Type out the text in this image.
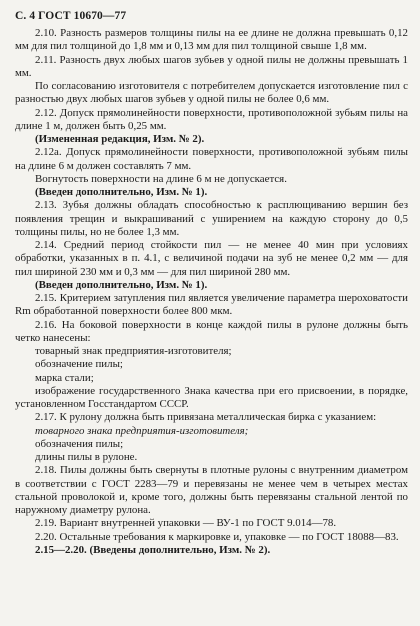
С. 4 ГОСТ 10670—77

2.10. Разность размеров толщины пилы на ее длине не должна превышать 0,12 мм для пил толщиной до 1,8 мм и 0,13 мм для пил толщиной свыше 1,8 мм.

2.11. Разность двух любых шагов зубьев у одной пилы не должны превышать 1 мм.

По согласованию изготовителя с потребителем допускается изготовление пил с разностью двух любых шагов зубьев у одной пилы не более 0,6 мм.

2.12. Допуск прямолинейности поверхности, противоположной зубьям пилы на длине 1 м, должен быть 0,25 мм.

(Измененная редакция, Изм. № 2).

2.12а. Допуск прямолинейности поверхности, противоположной зубьям пилы на длине 6 м должен составлять 7 мм.

Вогнутость поверхности на длине 6 м не допускается.

(Введен дополнительно, Изм. № 1).

2.13. Зубья должны обладать способностью к расплющиванию вершин без появления трещин и выкрашиваний с уширением на каждую сторону до 0,5 толщины пилы, но не более 1,3 мм.

2.14. Средний период стойкости пил — не менее 40 мин при условиях обработки, указанных в п. 4.1, с величиной подачи на зуб не менее 0,2 мм — для пил шириной 230 мм и 0,3 мм — для пил шириной 280 мм.

(Введен дополнительно, Изм. № 1).

2.15. Критерием затупления пил является увеличение параметра шероховатости Rm обработанной поверхности более 800 мкм.

2.16. На боковой поверхности в конце каждой пилы в рулоне должны быть четко нанесены:

товарный знак предприятия-изготовителя;

обозначение пилы;

марка стали;

изображение государственного Знака качества при его присвоении, в порядке, установленном Госстандартом СССР.

2.17. К рулону должна быть привязана металлическая бирка с указанием:

товарного знака предприятия-изготовителя;

обозначения пилы;

длины пилы в рулоне.

2.18. Пилы должны быть свернуты в плотные рулоны с внутренним диаметром в соответствии с ГОСТ 2283—79 и перевязаны не менее чем в четырех местах стальной проволокой и, кроме того, должны быть перевязаны стальной лентой по наружному диаметру рулона.

2.19. Вариант внутренней упаковки — ВУ-1 по ГОСТ 9.014—78.

2.20. Остальные требования к маркировке и, упаковке — по ГОСТ 18088—83.

2.15—2.20. (Введены дополнительно, Изм. № 2).
